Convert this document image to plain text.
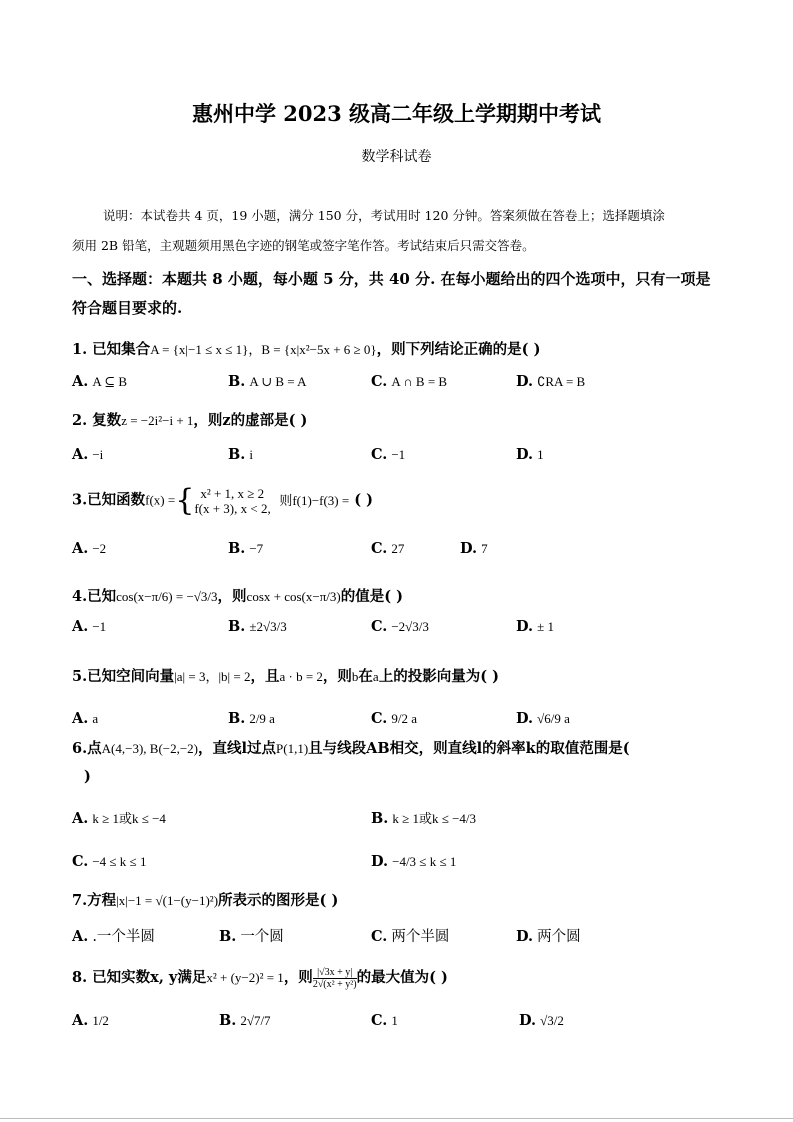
惠州中学 2023 级高二年级上学期期中考试
数学科试卷
说明：本试卷共 4 页，19 小题，满分 150 分，考试用时 120 分钟。答案须做在答卷上；选择题填涂
须用 2B 铅笔，主观题须用黑色字迹的钢笔或签字笔作答。考试结束后只需交答卷。
一、选择题：本题共 8 小题，每小题 5 分，共 40 分. 在每小题给出的四个选项中，只有一项是
符合题目要求的.
1. 已知集合A = {x|−1 ≤ x ≤ 1}，B = {x|x²−5x + 6 ≥ 0}，则下列结论正确的是( )
A. A ⊆ B	B. A ∪ B = A	C. A ∩ B = B	D. ∁RA = B
2. 复数z = −2i²−i + 1，则z的虚部是( )
A. −i	B. i	C. −1	D. 1
3.已知函数f(x) ={ x² + 1, x ≥ 2
f(x + 3), x < 2,
则f(1)−f(3) = ( )
A. −2	B. −7	C. 27	D. 7
4.已知cos(x−π/6) = −√3/3，则cosx + cos(x−π/3)的值是( )
A. −1	B. ±2√3/3	C. −2√3/3	D. ± 1
5.已知空间向量|a| = 3，|b| = 2，且a · b = 2，则b在a上的投影向量为( )
A. a	B. 2/9 a	C. 9/2 a	D. √6/9 a
6.点A(4,−3), B(−2,−2)，直线l过点P(1,1)且与线段AB相交，则直线l的斜率k的取值范围是(
)
A. k ≥ 1或k ≤ −4	B. k ≥ 1或k ≤ −4/3
C. −4 ≤ k ≤ 1	D. −4/3 ≤ k ≤ 1
7.方程|x|−1 = √(1−(y−1)²)所表示的图形是( )
A. .一个半圆	B. 一个圆	C. 两个半圆	D. 两个圆
8. 已知实数x, y满足x² + (y−2)² = 1，则 $\frac{|√3x + y|}{\text{2√(x² + y²)}}$ 的最大值为( )
A. 1/2	B. 2√7/7	C. 1	D. √3/2
